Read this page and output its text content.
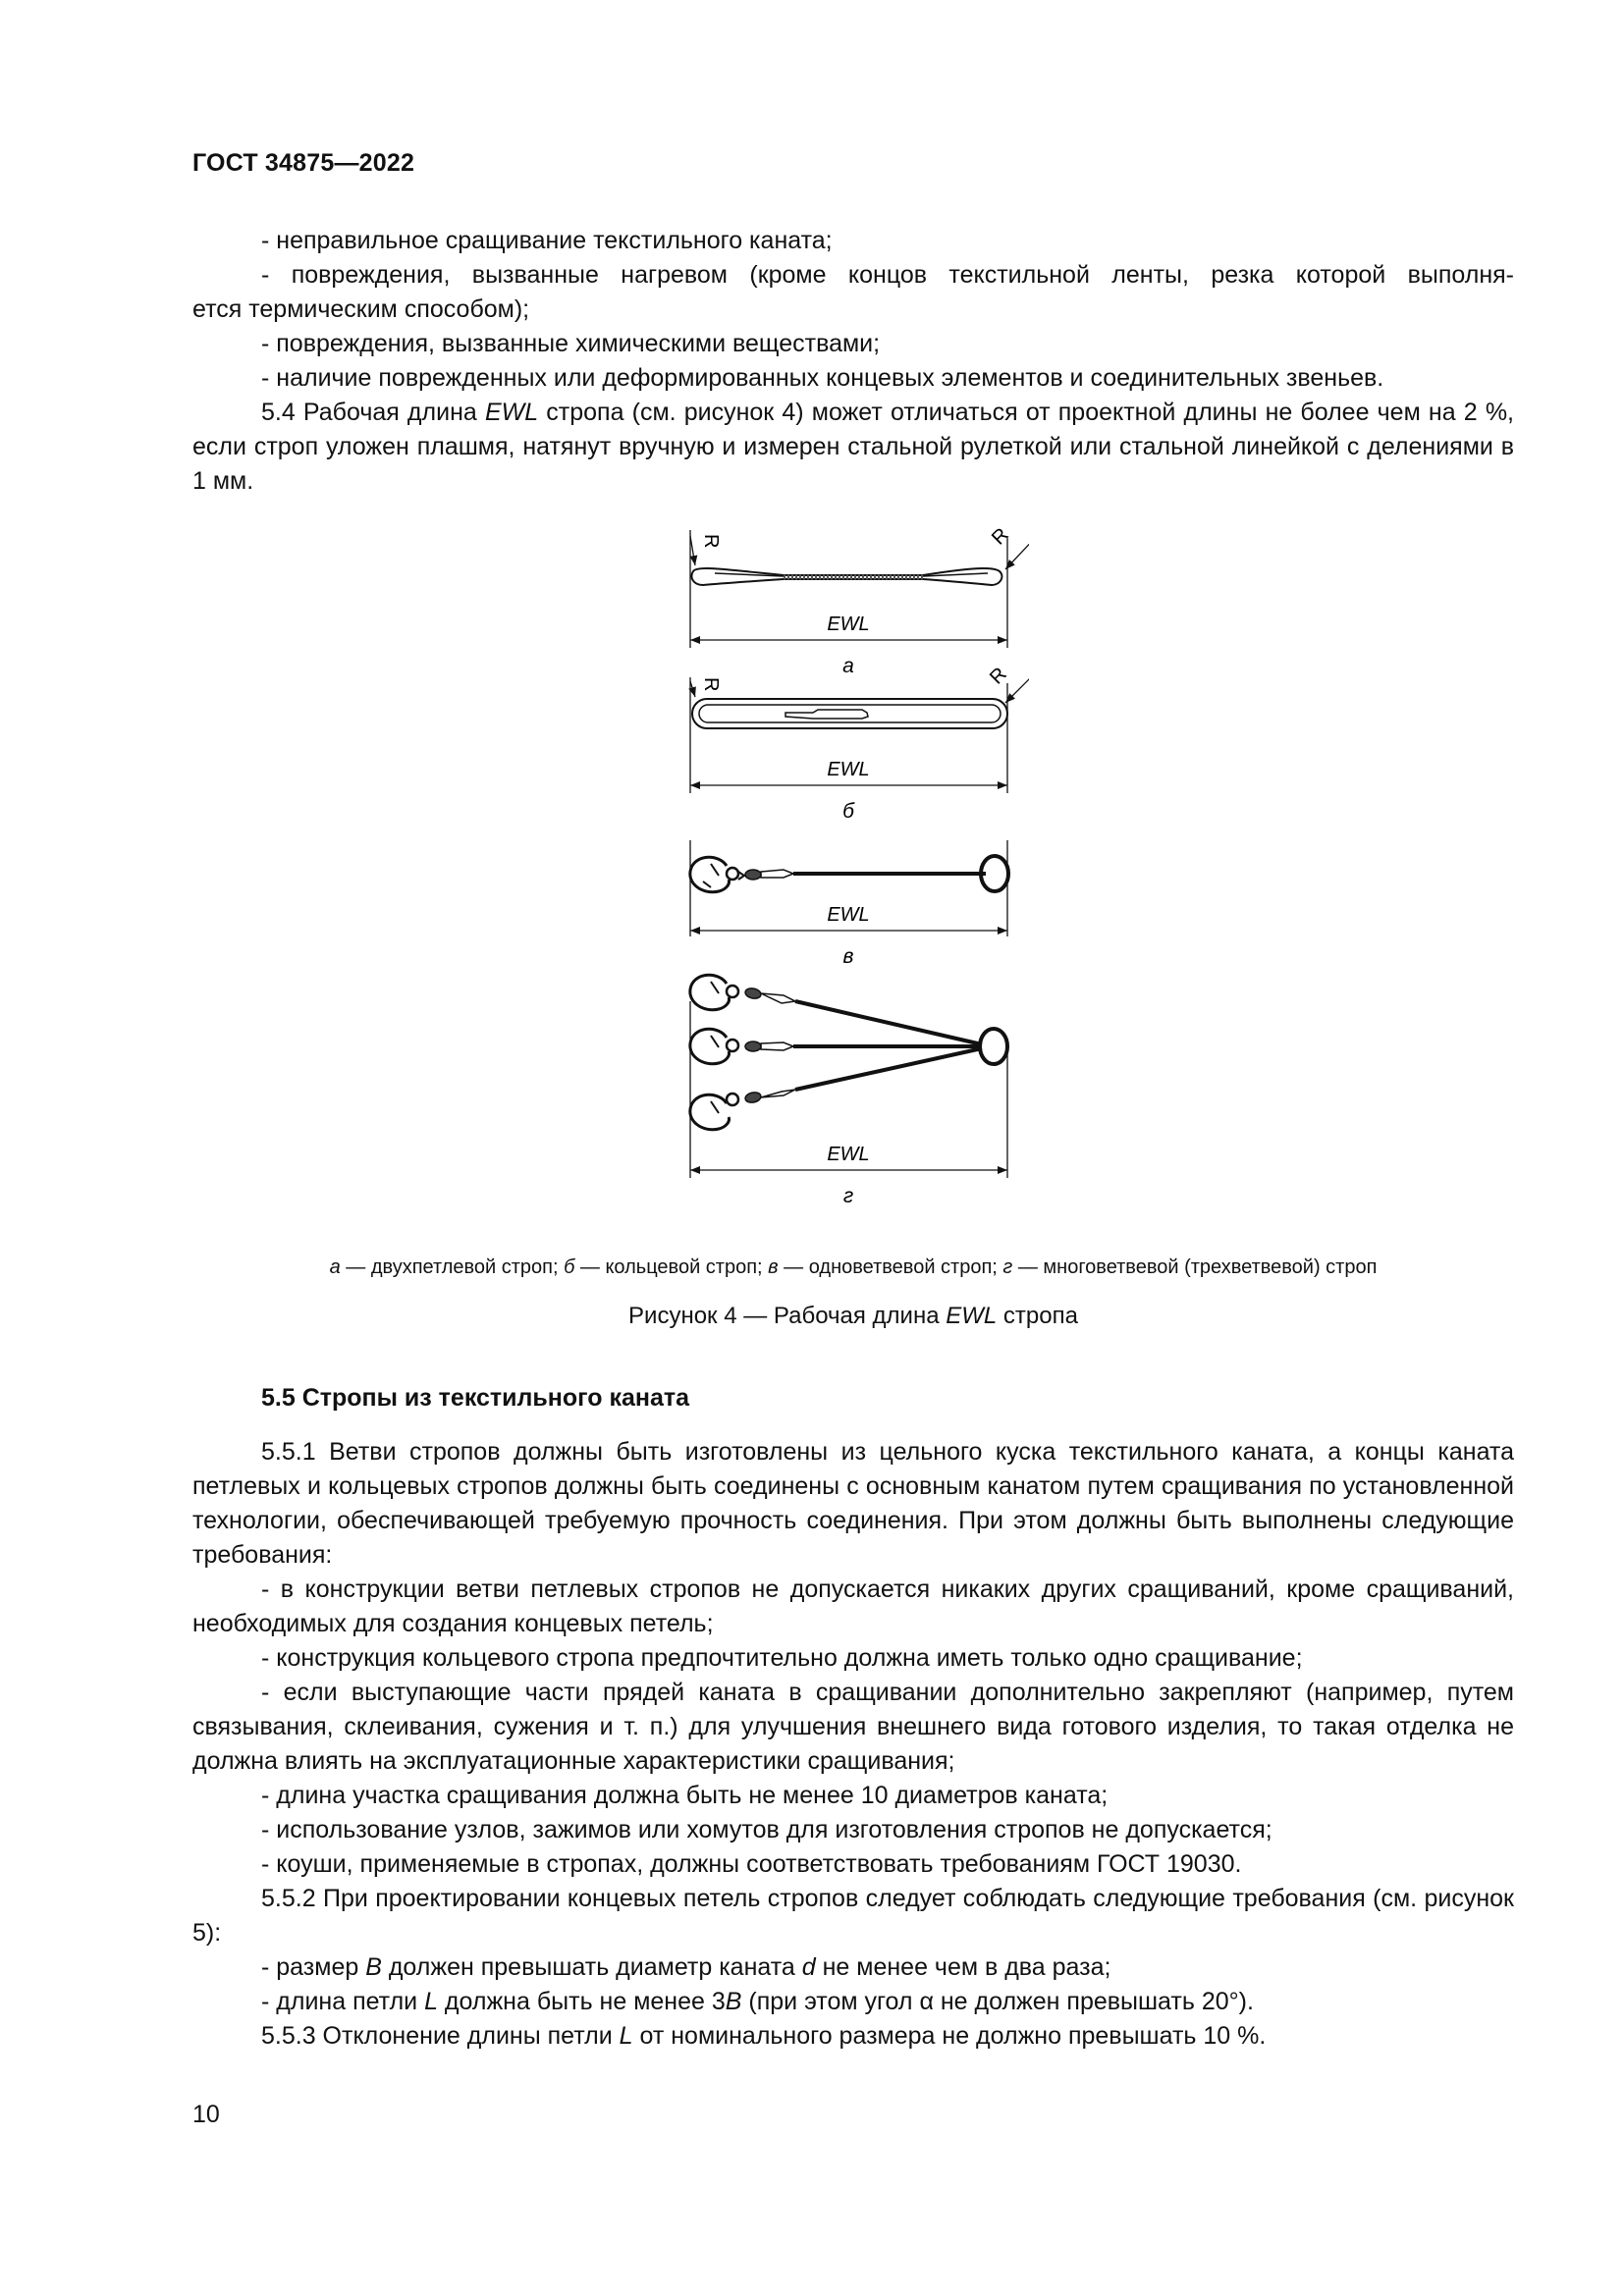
ГОСТ 34875—2022

- неправильное сращивание текстильного каната;

- повреждения, вызванные нагревом (кроме концов текстильной ленты, резка которой выполня-

ется термическим способом);

- повреждения, вызванные химическими веществами;

- наличие поврежденных или деформированных концевых элементов и соединительных звеньев.

5.4 Рабочая длина EWL стропа (см. рисунок 4) может отличаться от проектной длины не более чем на 2 %, если строп уложен плашмя, натянут вручную и измерен стальной рулеткой или стальной линейкой с делениями в 1 мм.

R	R
EWL
а
R	R
EWL
б
EWL
в
EWL
г
а — двухпетлевой строп; б — кольцевой строп; в — одноветвевой строп; г — многоветвевой (трехветвевой) строп
Рисунок 4 — Рабочая длина EWL стропа
5.5 Стропы из текстильного каната

5.5.1 Ветви стропов должны быть изготовлены из цельного куска текстильного каната, а концы каната петлевых и кольцевых стропов должны быть соединены с основным канатом путем сращивания по установленной технологии, обеспечивающей требуемую прочность соединения. При этом должны быть выполнены следующие требования:

- в конструкции ветви петлевых стропов не допускается никаких других сращиваний, кроме сращиваний, необходимых для создания концевых петель;

- конструкция кольцевого стропа предпочтительно должна иметь только одно сращивание;

- если выступающие части прядей каната в сращивании дополнительно закрепляют (например, путем связывания, склеивания, сужения и т. п.) для улучшения внешнего вида готового изделия, то такая отделка не должна влиять на эксплуатационные характеристики сращивания;

- длина участка сращивания должна быть не менее 10 диаметров каната;

- использование узлов, зажимов или хомутов для изготовления стропов не допускается;

- коуши, применяемые в стропах, должны соответствовать требованиям ГОСТ 19030.

5.5.2 При проектировании концевых петель стропов следует соблюдать следующие требования (см. рисунок 5):

- размер B должен превышать диаметр каната d не менее чем в два раза;

- длина петли L должна быть не менее 3B (при этом угол α не должен превышать 20°).

5.5.3 Отклонение длины петли L от номинального размера не должно превышать 10 %.

10
